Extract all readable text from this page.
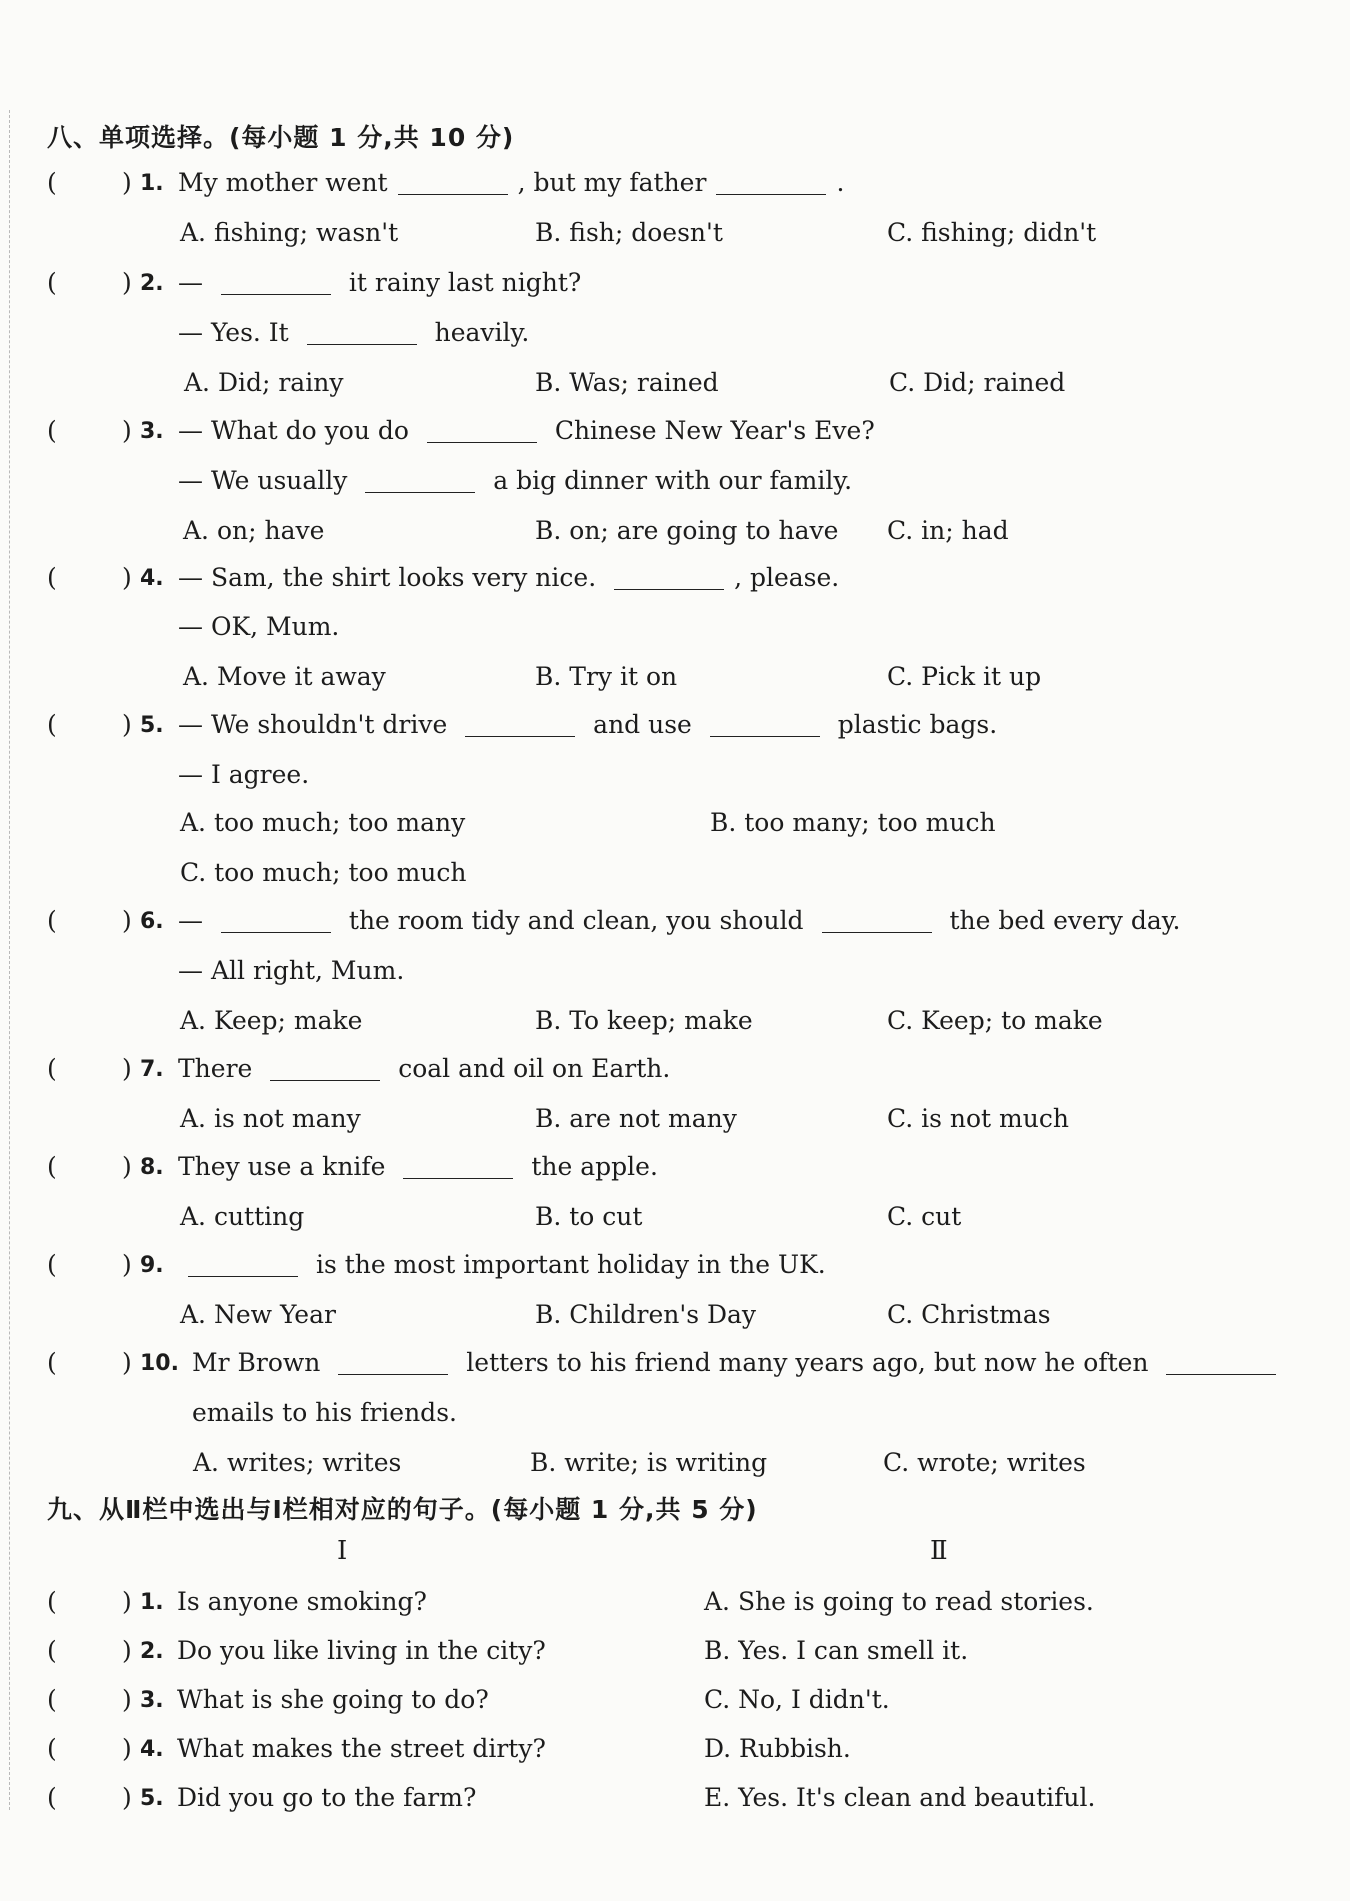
八、单项选择。(每小题 1 分,共 10 分)
(	) 1. My mother went	, but my father	.
A. fishing; wasn't	B. fish; doesn't	C. fishing; didn't
(	) 2. —	it rainy last night?
— Yes. It	heavily.
A. Did; rainy	B. Was; rained	C. Did; rained
(	) 3. — What do you do	Chinese New Year's Eve?
— We usually	a big dinner with our family.
A. on; have	B. on; are going to have C. in; had
(	) 4. — Sam, the shirt looks very nice.	, please.
— OK, Mum.
A. Move it away	B. Try it on	C. Pick it up
(	) 5. — We shouldn't drive	and use	plastic bags.
— I agree.
A. too much; too many	B. too many; too much
C. too much; too much
(	) 6. —	the room tidy and clean, you should	the bed every day.
— All right, Mum.
A. Keep; make	B. To keep; make	C. Keep; to make
(	) 7. There	coal and oil on Earth.
A. is not many	B. are not many	C. is not much
(	) 8. They use a knife	the apple.
A. cutting	B. to cut	C. cut
(	) 9.	is the most important holiday in the UK.
A. New Year	B. Children's Day	C. Christmas
(	) 10. Mr Brown	letters to his friend many years ago, but now he often
emails to his friends.
A. writes; writes	B. write; is writing	C. wrote; writes
九、从Ⅱ栏中选出与Ⅰ栏相对应的句子。(每小题 1 分,共 5 分)
Ⅰ	Ⅱ
(	) 1. Is anyone smoking?	A. She is going to read stories.
(	) 2. Do you like living in the city?	B. Yes. I can smell it.
(	) 3. What is she going to do?	C. No, I didn't.
(	) 4. What makes the street dirty?	D. Rubbish.
(	) 5. Did you go to the farm?	E. Yes. It's clean and beautiful.
